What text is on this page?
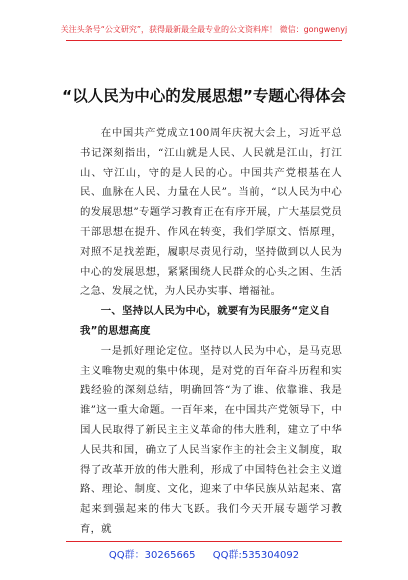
关注头条号“公文研究”，获得最新最全最专业的公文资料库！ 微信：gongwenyj
“以人民为中心的发展思想”专题心得体会

在中国共产党成立100周年庆祝大会上，习近平总书记深刻指出，“江山就是人民、人民就是江山，打江山、守江山，守的是人民的心。中国共产党根基在人民、血脉在人民、力量在人民”。当前，“以人民为中心的发展思想”专题学习教育正在有序开展，广大基层党员干部思想在提升、作风在转变，我们学原文、悟原理，对照不足找差距，履职尽责见行动，坚持做到以人民为中心的发展思想，紧紧围绕人民群众的心头之困、生活之急、发展之忧，为人民办实事、增福祉。

一、坚持以人民为中心，就要有为民服务“定义自我”的思想高度

一是抓好理论定位。坚持以人民为中心，是马克思主义唯物史观的集中体现，是对党的百年奋斗历程和实践经验的深刻总结，明确回答“为了谁、依靠谁、我是谁”这一重大命题。一百年来，在中国共产党领导下，中国人民取得了新民主主义革命的伟大胜利，建立了中华人民共和国，确立了人民当家作主的社会主义制度，取得了改革开放的伟大胜利，形成了中国特色社会主义道路、理论、制度、文化，迎来了中华民族从站起来、富起来到强起来的伟大飞跃。我们今天开展专题学习教育，就

QQ群：30265665 QQ群:535304092
